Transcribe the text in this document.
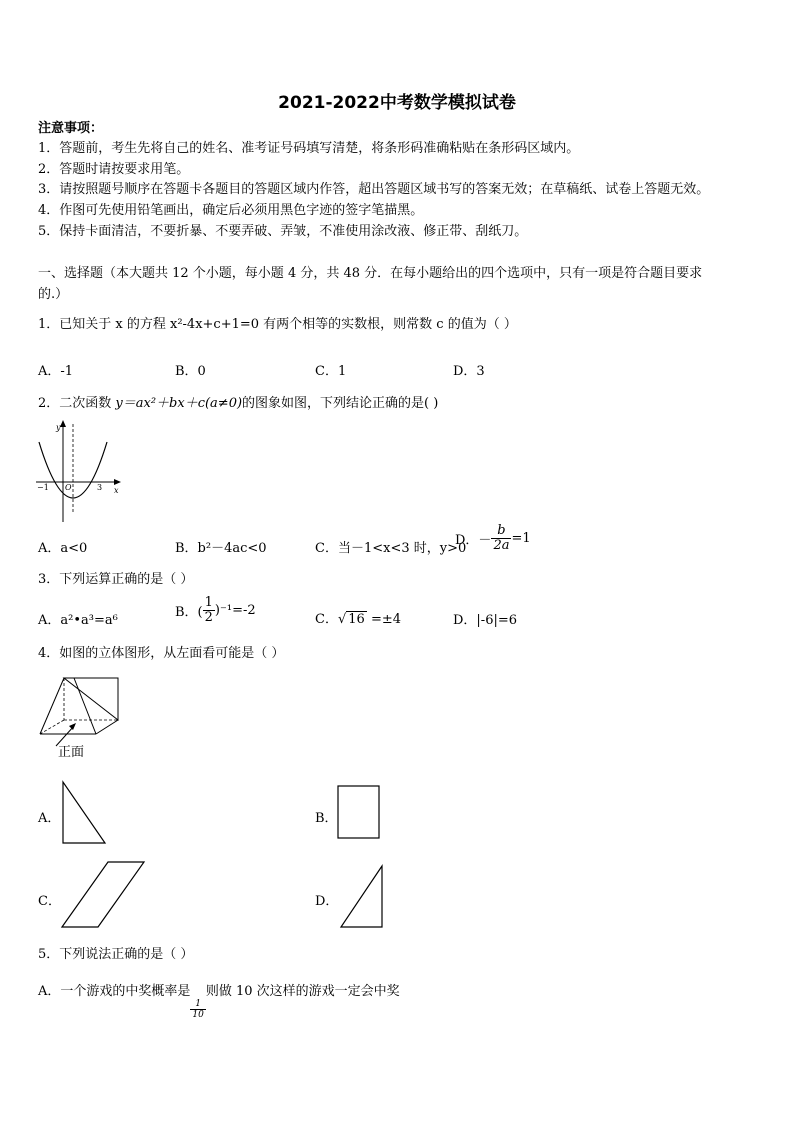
2021-2022中考数学模拟试卷
注意事项：
1．答题前，考生先将自己的姓名、准考证号码填写清楚，将条形码准确粘贴在条形码区域内。
2．答题时请按要求用笔。
3．请按照题号顺序在答题卡各题目的答题区域内作答，超出答题区域书写的答案无效；在草稿纸、试卷上答题无效。
4．作图可先使用铅笔画出，确定后必须用黑色字迹的签字笔描黑。
5．保持卡面清洁，不要折暴、不要弄破、弄皱，不准使用涂改液、修正带、刮纸刀。
一、选择题（本大题共 12 个小题，每小题 4 分，共 48 分．在每小题给出的四个选项中，只有一项是符合题目要求
的.）
1．已知关于 x 的方程 x²-4x+c+1=0 有两个相等的实数根，则常数 c 的值为（ ）
A．-1	B．0	C．1	D．3
2．二次函数 y＝ax²＋bx＋c(a≠0)的图象如图，下列结论正确的是( )
y
x
O
−1	3
A．a<0	B．b²－4ac<0	C．当－1<x<3 时，y>0
D．－ $\frac{b}{2a} =1$
3．下列运算正确的是（ ）
A．a²•a³=a⁶
B．( $\frac{1}{2} )^{-1}=-2$
C．√ 16 =±4	D．|-6|=6
4．如图的立体图形，从左面看可能是（ ）
正面
A．	B．
C．	D．
5．下列说法正确的是（ ）
A．一个游戏的中奖概率是
$\frac{1}{10}$
则做 10 次这样的游戏一定会中奖
